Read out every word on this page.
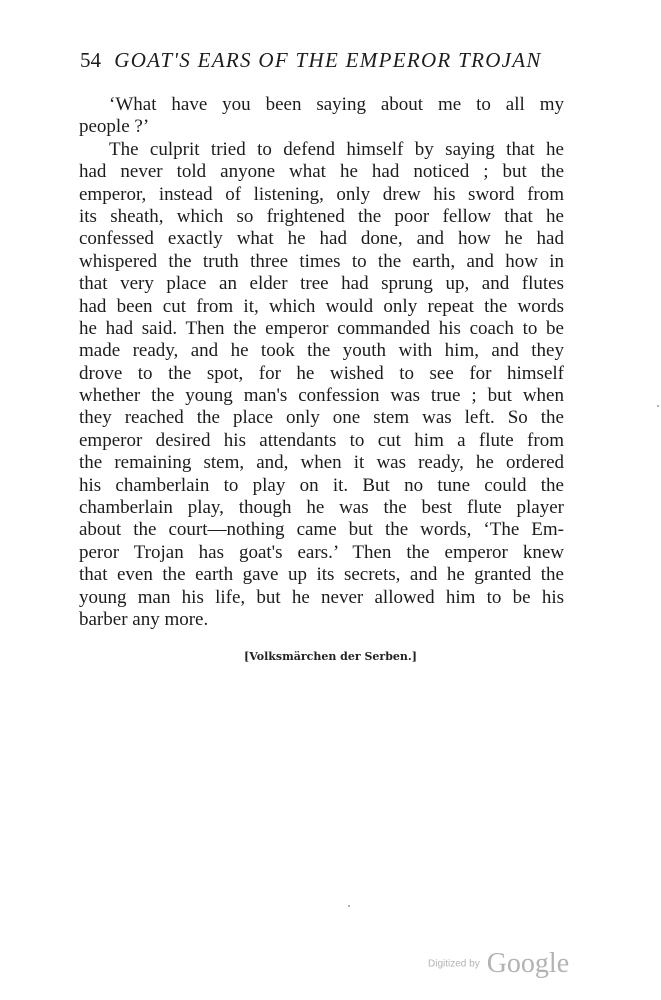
54 GOAT'S EARS OF THE EMPEROR TROJAN
‘What have you been saying about me to all my
people ?’
The culprit tried to defend himself by saying that he
had never told anyone what he had noticed ; but the
emperor, instead of listening, only drew his sword from
its sheath, which so frightened the poor fellow that he
confessed exactly what he had done, and how he had
whispered the truth three times to the earth, and how in
that very place an elder tree had sprung up, and flutes
had been cut from it, which would only repeat the words
he had said. Then the emperor commanded his coach to be
made ready, and he took the youth with him, and they
drove to the spot, for he wished to see for himself
whether the young man's confession was true ; but when
they reached the place only one stem was left. So the
emperor desired his attendants to cut him a flute from
the remaining stem, and, when it was ready, he ordered
his chamberlain to play on it. But no tune could the
chamberlain play, though he was the best flute player
about the court—nothing came but the words, ‘The Em-
peror Trojan has goat's ears.’ Then the emperor knew
that even the earth gave up its secrets, and he granted the
young man his life, but he never allowed him to be his
barber any more.
[Volksmärchen der Serben.]
Digitized by Google
